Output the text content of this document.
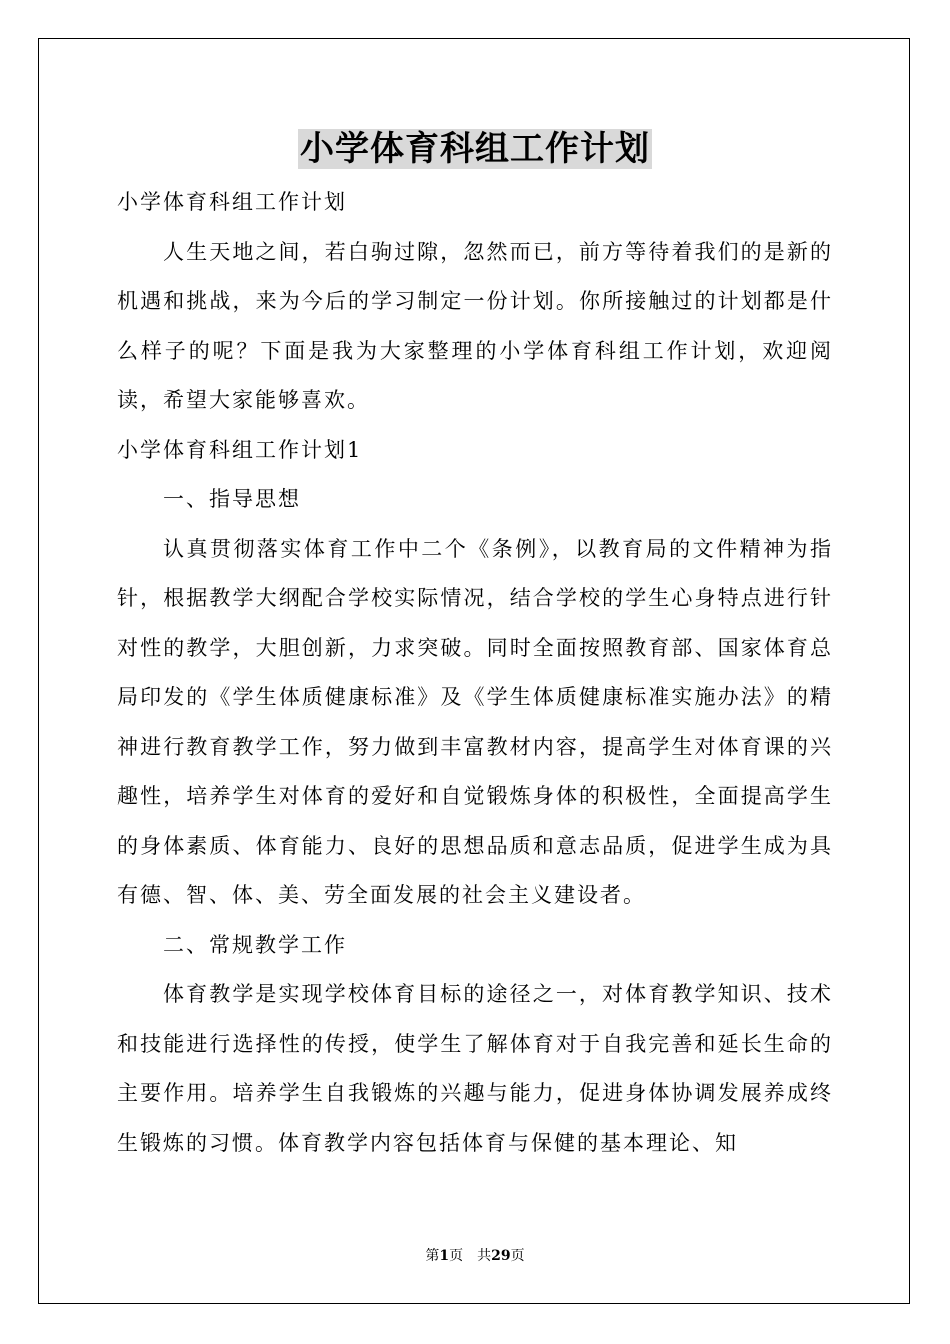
小学体育科组工作计划

小学体育科组工作计划

人生天地之间，若白驹过隙，忽然而已，前方等待着我们的是新的机遇和挑战，来为今后的学习制定一份计划。你所接触过的计划都是什么样子的呢？下面是我为大家整理的小学体育科组工作计划，欢迎阅读，希望大家能够喜欢。

小学体育科组工作计划1

一、指导思想

认真贯彻落实体育工作中二个《条例》，以教育局的文件精神为指针，根据教学大纲配合学校实际情况，结合学校的学生心身特点进行针对性的教学，大胆创新，力求突破。同时全面按照教育部、国家体育总局印发的《学生体质健康标准》及《学生体质健康标准实施办法》的精神进行教育教学工作，努力做到丰富教材内容，提高学生对体育课的兴趣性，培养学生对体育的爱好和自觉锻炼身体的积极性，全面提高学生的身体素质、体育能力、良好的思想品质和意志品质，促进学生成为具有德、智、体、美、劳全面发展的社会主义建设者。

二、常规教学工作

体育教学是实现学校体育目标的途径之一，对体育教学知识、技术和技能进行选择性的传授，使学生了解体育对于自我完善和延长生命的主要作用。培养学生自我锻炼的兴趣与能力，促进身体协调发展养成终生锻炼的习惯。体育教学内容包括体育与保健的基本理论、知

第1页 共29页
